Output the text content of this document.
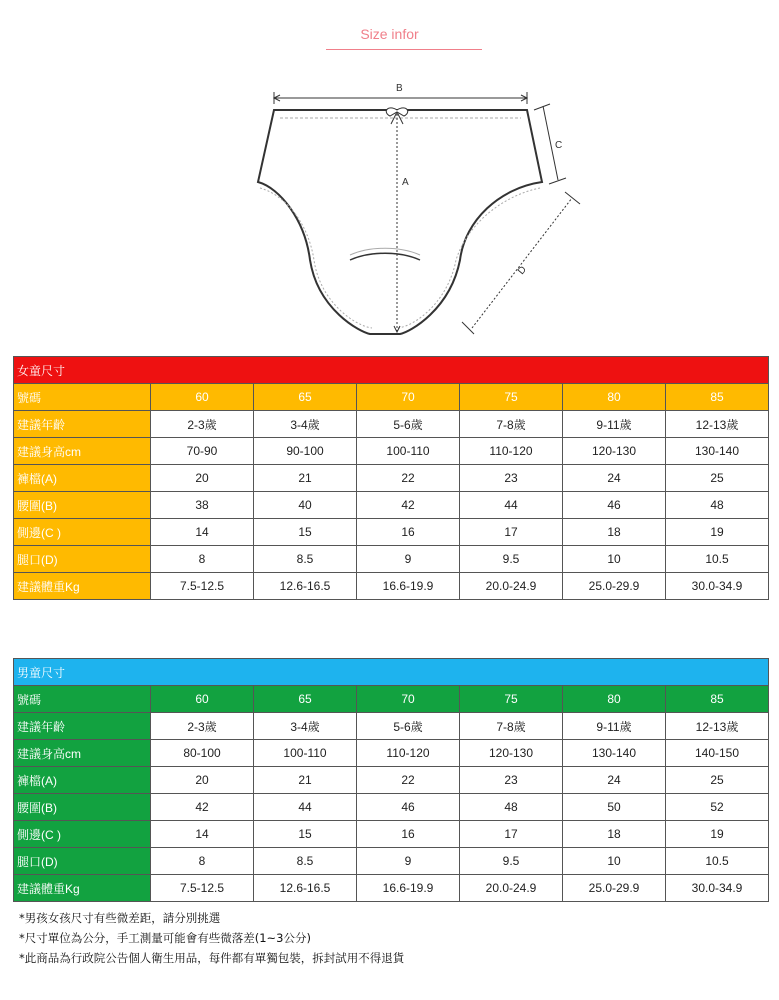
Size infor
A
B
C
D
女童尺寸						
號碼	60	65	70	75	80	85
建議年齡	2-3歲	3-4歲	5-6歲	7-8歲	9-11歲	12-13歲
建議身高cm	70-90	90-100	100-110	110-120	120-130	130-140
褲檔(A)	20	21	22	23	24	25
腰圍(B)	38	40	42	44	46	48
側邊(C )	14	15	16	17	18	19
腿口(D)	8	8.5	9	9.5	10	10.5
建議體重Kg	7.5-12.5	12.6-16.5	16.6-19.9	20.0-24.9	25.0-29.9	30.0-34.9
男童尺寸						
號碼	60	65	70	75	80	85
建議年齡	2-3歲	3-4歲	5-6歲	7-8歲	9-11歲	12-13歲
建議身高cm	80-100	100-110	110-120	120-130	130-140	140-150
褲檔(A)	20	21	22	23	24	25
腰圍(B)	42	44	46	48	50	52
側邊(C )	14	15	16	17	18	19
腿口(D)	8	8.5	9	9.5	10	10.5
建議體重Kg	7.5-12.5	12.6-16.5	16.6-19.9	20.0-24.9	25.0-29.9	30.0-34.9
*男孩女孩尺寸有些微差距，請分別挑選
*尺寸單位為公分，手工測量可能會有些微落差(1~3公分)
*此商品為行政院公告個人衛生用品，每件都有單獨包裝，拆封試用不得退貨
